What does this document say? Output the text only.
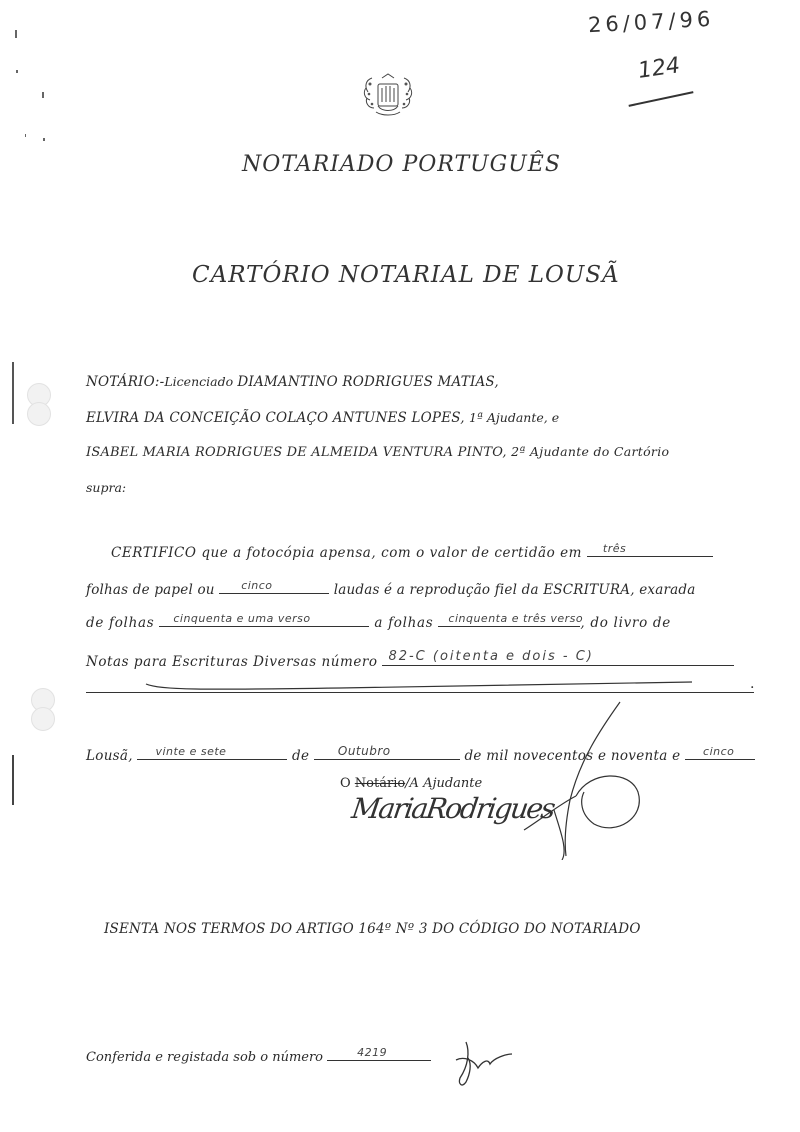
26/07/96
124
NOTARIADO PORTUGUÊS
CARTÓRIO NOTARIAL DE LOUSÃ
NOTÁRIO:-Licenciado DIAMANTINO RODRIGUES MATIAS,
ELVIRA DA CONCEIÇÃO COLAÇO ANTUNES LOPES, 1ª Ajudante, e
ISABEL MARIA RODRIGUES DE ALMEIDA VENTURA PINTO, 2ª Ajudante do Cartório
supra:
CERTIFICO que a fotocópia apensa, com o valor de certidão em três
folhas de papel ou cinco	laudas é a reprodução fiel da ESCRITURA, exarada
de folhas cinquenta e uma verso	a folhas cinquenta e três verso
, do livro de
Notas para Escrituras Diversas número 82-C (oitenta e dois - C)
.
Lousã, vinte e sete	de Outubro	de mil novecentos e noventa e cinco
O Notário/A Ajudante
MariaRodrigues
ISENTA NOS TERMOS DO ARTIGO 164º Nº 3 DO CÓDIGO DO NOTARIADO
Conferida e registada sob o número	4219
